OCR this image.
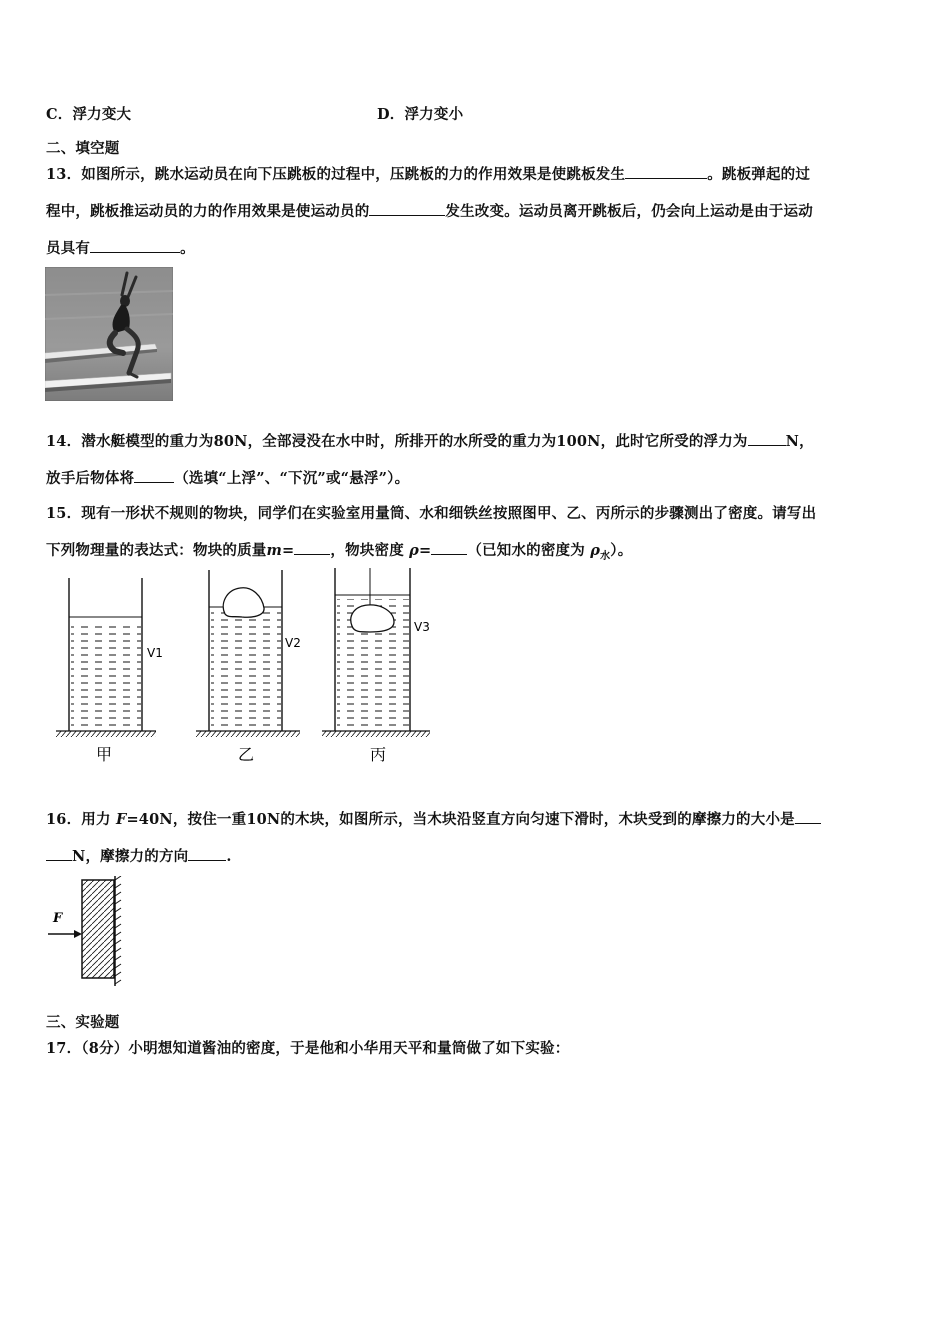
C．浮力变大	D．浮力变小
二、填空题
13．如图所示，跳水运动员在向下压跳板的过程中，压跳板的力的作用效果是使跳板发生	。跳板弹起的过
程中，跳板推运动员的力的作用效果是使运动员的	发生改变。运动员离开跳板后，仍会向上运动是由于运动
员具有	。
14．潜水艇模型的重力为80N，全部浸没在水中时，所排开的水所受的重力为100N，此时它所受的浮力为	N，
放手后物体将	（选填“上浮”、“下沉”或“悬浮”）。
15．现有一形状不规则的物块，同学们在实验室用量筒、水和细铁丝按照图甲、乙、丙所示的步骤测出了密度。请写出
下列物理量的表达式：物块的质量m= ，物块密度 ρ= （已知水的密度为 $\rho_水$）。
V1
甲
V2
乙
V3
丙
16．用力 F=40N，按住一重10N的木块，如图所示，当木块沿竖直方向匀速下滑时，木块受到的摩擦力的大小是
N，摩擦力的方向	.
F
三、实验题
17．（8分）小明想知道酱油的密度，于是他和小华用天平和量筒做了如下实验：
